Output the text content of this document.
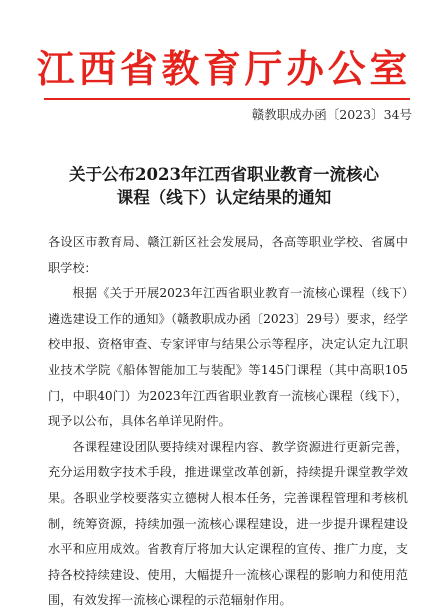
江西省教育厅办公室
赣教职成办函〔2023〕34号
关于公布2023年江西省职业教育一流核心
课程（线下）认定结果的通知

各设区市教育局、赣江新区社会发展局，各高等职业学校、省属中职学校：

根据《关于开展2023年江西省职业教育一流核心课程（线下）遴选建设工作的通知》（赣教职成办函〔2023〕29号）要求，经学校申报、资格审查、专家评审与结果公示等程序，决定认定九江职业技术学院《船体智能加工与装配》等145门课程（其中高职105门，中职40门）为2023年江西省职业教育一流核心课程（线下），现予以公布，具体名单详见附件。

各课程建设团队要持续对课程内容、教学资源进行更新完善，充分运用数字技术手段，推进课堂改革创新，持续提升课堂教学效果。各职业学校要落实立德树人根本任务，完善课程管理和考核机制，统筹资源，持续加强一流核心课程建设，进一步提升课程建设水平和应用成效。省教育厅将加大认定课程的宣传、推广力度，支持各校持续建设、使用，大幅提升一流核心课程的影响力和使用范围，有效发挥一流核心课程的示范辐射作用。
